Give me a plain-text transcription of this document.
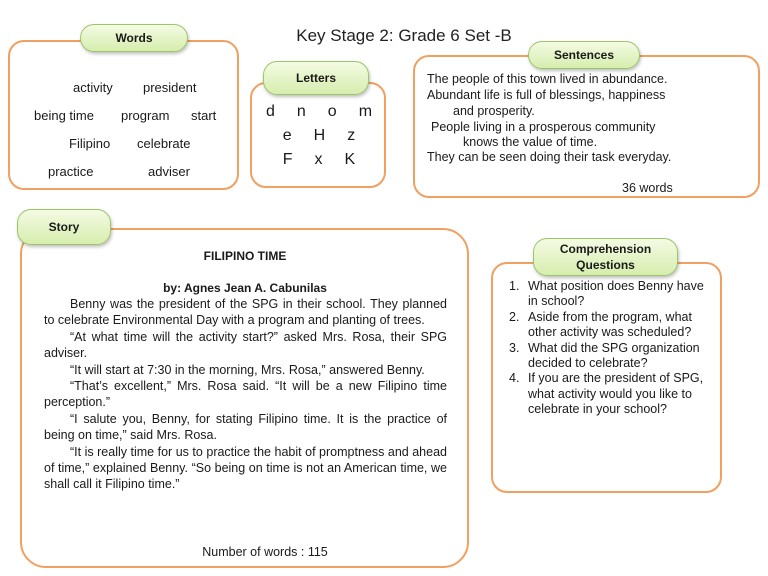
Key Stage 2: Grade 6 Set -B
Words
activity president
being time program start
Filipino celebrate
practice	adviser
Letters
d n o m
e H z
F x K
Sentences
The people of this town lived in abundance.
Abundant life is full of blessings, happiness
and prosperity.
People living in a prosperous community
knows the value of time.
They can be seen doing their task everyday.
36 words
Story
FILIPINO TIME
by: Agnes Jean A. Cabunilas

Benny was the president of the SPG in their school. They planned to celebrate Environmental Day with a program and planting of trees.

“At what time will the activity start?” asked Mrs. Rosa, their SPG adviser.

“It will start at 7:30 in the morning, Mrs. Rosa,” answered Benny.

“That’s excellent,” Mrs. Rosa said. “It will be a new Filipino time perception.”

“I salute you, Benny, for stating Filipino time. It is the practice of being on time,” said Mrs. Rosa.

“It is really time for us to practice the habit of promptness and ahead of time,” explained Benny. “So being on time is not an American time, we shall call it Filipino time.”

Number of words : 115
Comprehension Questions
1. What position does Benny have in school?
2. Aside from the program, what other activity was scheduled?
3. What did the SPG organization decided to celebrate?
4. If you are the president of SPG, what activity would you like to celebrate in your school?
